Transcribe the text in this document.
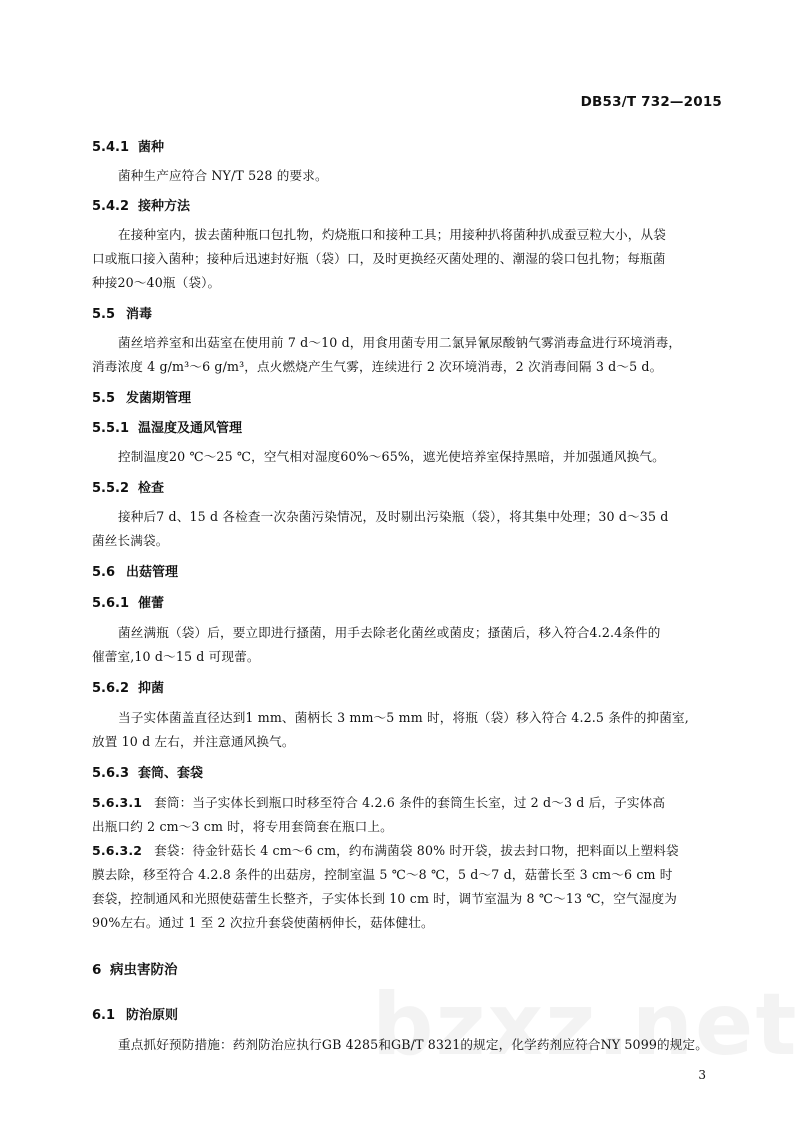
DB53/T 732—2015
5.4.1 菌种
菌种生产应符合 NY/T 528 的要求。
5.4.2 接种方法
在接种室内，拔去菌种瓶口包扎物，灼烧瓶口和接种工具；用接种扒将菌种扒成蚕豆粒大小，从袋
口或瓶口接入菌种；接种后迅速封好瓶（袋）口，及时更换经灭菌处理的、潮湿的袋口包扎物；每瓶菌
种接20～40瓶（袋）。
5.5 消毒
菌丝培养室和出菇室在使用前 7 d～10 d，用食用菌专用二氯异氰尿酸钠气雾消毒盒进行环境消毒，
消毒浓度 4 g/m³～6 g/m³，点火燃烧产生气雾，连续进行 2 次环境消毒，2 次消毒间隔 3 d～5 d。
5.5 发菌期管理
5.5.1 温湿度及通风管理
控制温度20 ℃～25 ℃，空气相对湿度60%～65%，遮光使培养室保持黑暗，并加强通风换气。
5.5.2 检查
接种后7 d、15 d 各检查一次杂菌污染情况，及时剔出污染瓶（袋），将其集中处理；30 d～35 d
菌丝长满袋。
5.6 出菇管理
5.6.1 催蕾
菌丝满瓶（袋）后，要立即进行搔菌，用手去除老化菌丝或菌皮；搔菌后，移入符合4.2.4条件的
催蕾室,10 d～15 d 可现蕾。
5.6.2 抑菌
当子实体菌盖直径达到1 mm、菌柄长 3 mm～5 mm 时，将瓶（袋）移入符合 4.2.5 条件的抑菌室,
放置 10 d 左右，并注意通风换气。
5.6.3 套筒、套袋
5.6.3.1 套筒：当子实体长到瓶口时移至符合 4.2.6 条件的套筒生长室，过 2 d～3 d 后，子实体高
出瓶口约 2 cm～3 cm 时，将专用套筒套在瓶口上。
5.6.3.2 套袋：待金针菇长 4 cm～6 cm，约布满菌袋 80% 时开袋，拔去封口物，把料面以上塑料袋
膜去除，移至符合 4.2.8 条件的出菇房，控制室温 5 ℃～8 ℃，5 d～7 d，菇蕾长至 3 cm～6 cm 时
套袋，控制通风和光照使菇蕾生长整齐，子实体长到 10 cm 时，调节室温为 8 ℃～13 ℃，空气湿度为
90%左右。通过 1 至 2 次拉升套袋使菌柄伸长，菇体健壮。
6 病虫害防治
6.1 防治原则
重点抓好预防措施：药剂防治应执行GB 4285和GB/T 8321的规定，化学药剂应符合NY 5099的规定。
3
